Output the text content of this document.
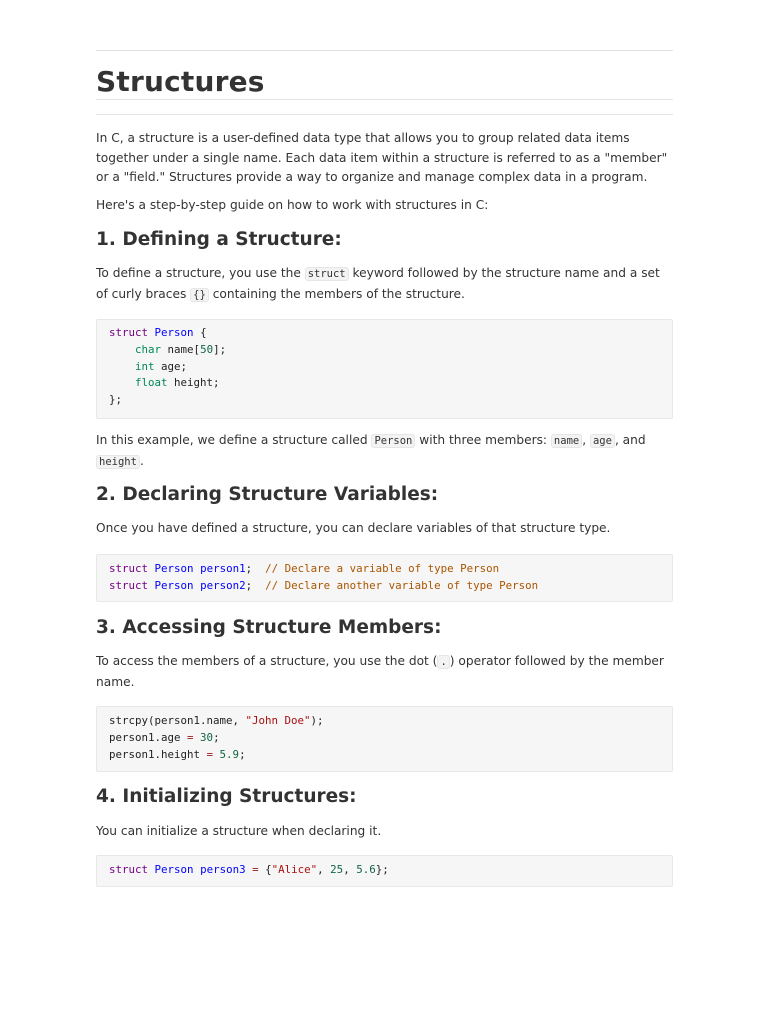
Structures

In C, a structure is a user-defined data type that allows you to group related data items together under a single name. Each data item within a structure is referred to as a "member" or a "field." Structures provide a way to organize and manage complex data in a program.

Here's a step-by-step guide on how to work with structures in C:

1. Defining a Structure:

To define a structure, you use the struct keyword followed by the structure name and a set of curly braces {} containing the members of the structure.

struct Person {
char name[50];
int age;
float height;
};

In this example, we define a structure called Person with three members: name , age , and height .

2. Declaring Structure Variables:

Once you have defined a structure, you can declare variables of that structure type.

struct Person person1; // Declare a variable of type Person
struct Person person2; // Declare another variable of type Person
3. Accessing Structure Members:

To access the members of a structure, you use the dot ( . ) operator followed by the member name.

strcpy(person1.name, "John Doe");
person1.age = 30;
person1.height = 5.9;
4. Initializing Structures:

You can initialize a structure when declaring it.

struct Person person3 = {"Alice", 25, 5.6};
